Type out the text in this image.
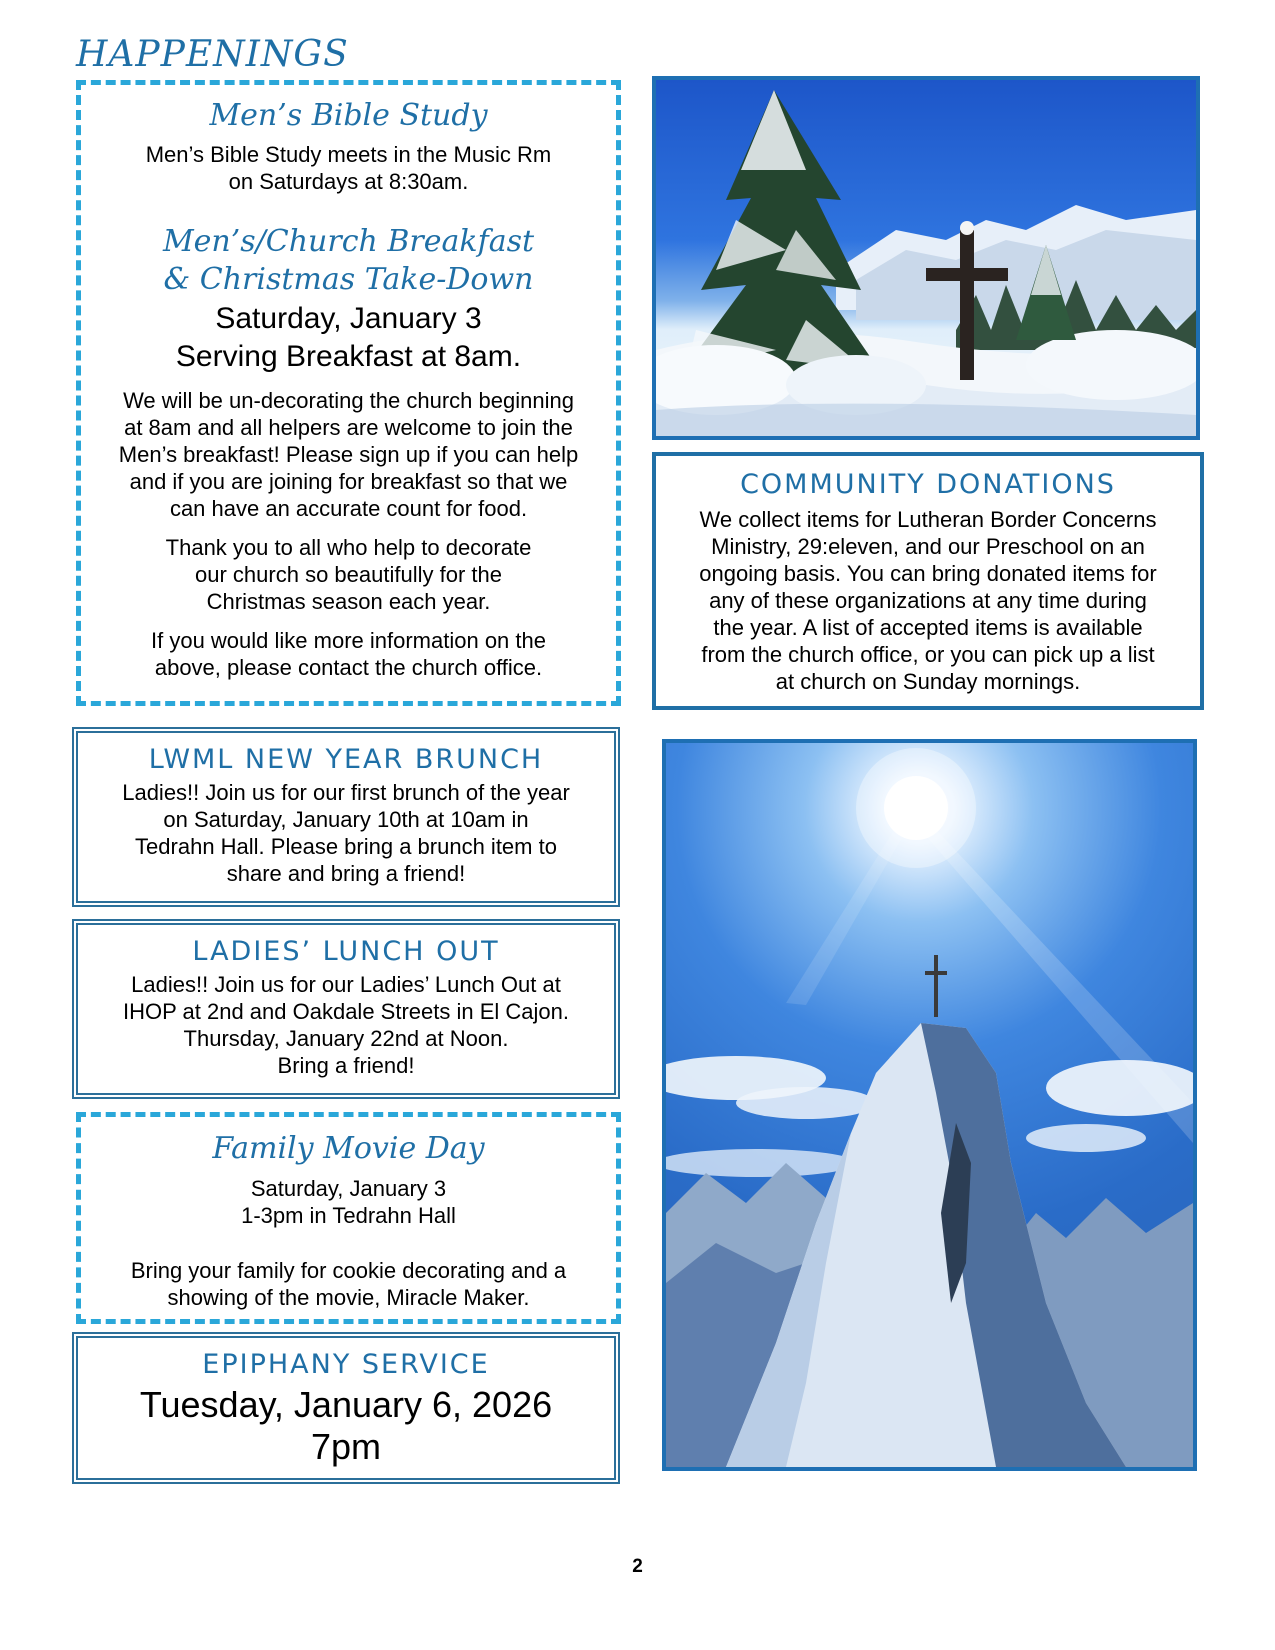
HAPPENINGS
Men’s Bible Study

Men’s Bible Study meets in the Music Rm

on Saturdays at 8:30am.

Men’s/Church Breakfast
& Christmas Take-Down

Saturday, January 3

Serving Breakfast at 8am.

We will be un-decorating the church beginning

at 8am and all helpers are welcome to join the

Men’s breakfast! Please sign up if you can help

and if you are joining for breakfast so that we

can have an accurate count for food.

Thank you to all who help to decorate

our church so beautifully for the

Christmas season each year.

If you would like more information on the

above, please contact the church office.

COMMUNITY DONATIONS

We collect items for Lutheran Border Concerns

Ministry, 29:eleven, and our Preschool on an

ongoing basis. You can bring donated items for

any of these organizations at any time during

the year. A list of accepted items is available

from the church office, or you can pick up a list

at church on Sunday mornings.

LWML NEW YEAR BRUNCH

Ladies!! Join us for our first brunch of the year

on Saturday, January 10th at 10am in

Tedrahn Hall. Please bring a brunch item to

share and bring a friend!

LADIES’ LUNCH OUT

Ladies!! Join us for our Ladies’ Lunch Out at

IHOP at 2nd and Oakdale Streets in El Cajon.

Thursday, January 22nd at Noon.

Bring a friend!

Family Movie Day

Saturday, January 3

1-3pm in Tedrahn Hall

Bring your family for cookie decorating and a

showing of the movie, Miracle Maker.

EPIPHANY SERVICE

Tuesday, January 6, 2026

7pm

2
